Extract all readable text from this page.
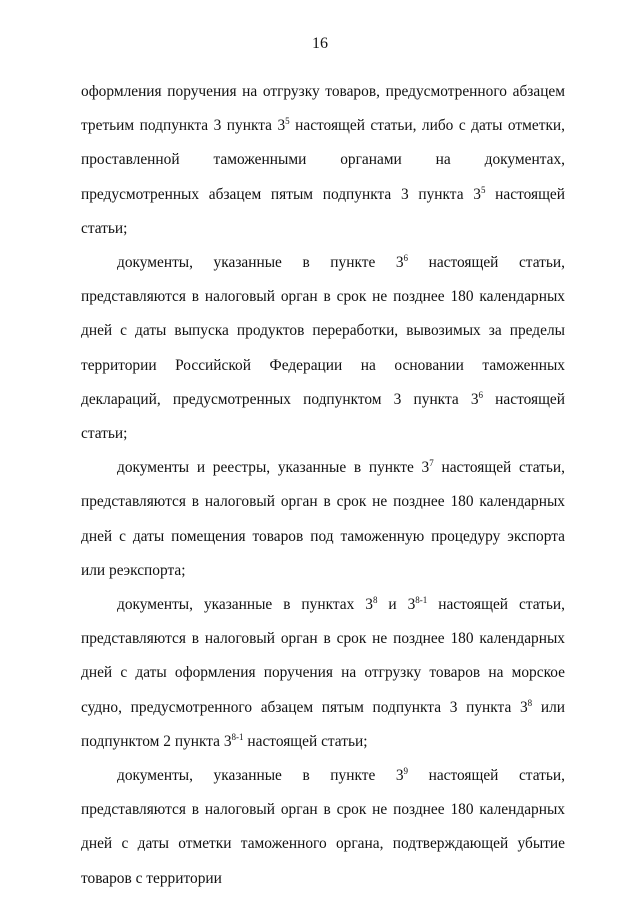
16

оформления поручения на отгрузку товаров, предусмотренного абзацем третьим подпункта 3 пункта $3^5$ настоящей статьи, либо с даты отметки, проставленной таможенными органами на документах, предусмотренных абзацем пятым подпункта 3 пункта $3^5$ настоящей статьи;

документы, указанные в пункте $3^6$ настоящей статьи, представляются в налоговый орган в срок не позднее 180 календарных дней с даты выпуска продуктов переработки, вывозимых за пределы территории Российской Федерации на основании таможенных деклараций, предусмотренных подпунктом 3 пункта $3^6$ настоящей статьи;

документы и реестры, указанные в пункте $3^7$ настоящей статьи, представляются в налоговый орган в срок не позднее 180 календарных дней с даты помещения товаров под таможенную процедуру экспорта или реэкспорта;

документы, указанные в пунктах $3^8$ и 3$^{8-1}$ настоящей статьи, представляются в налоговый орган в срок не позднее 180 календарных дней с даты оформления поручения на отгрузку товаров на морское судно, предусмотренного абзацем пятым подпункта 3 пункта $3^8$ или подпунктом 2 пункта 3$^{8-1}$ настоящей статьи;

документы, указанные в пункте $3^9$ настоящей статьи, представляются в налоговый орган в срок не позднее 180 календарных дней с даты отметки таможенного органа, подтверждающей убытие товаров с территории
